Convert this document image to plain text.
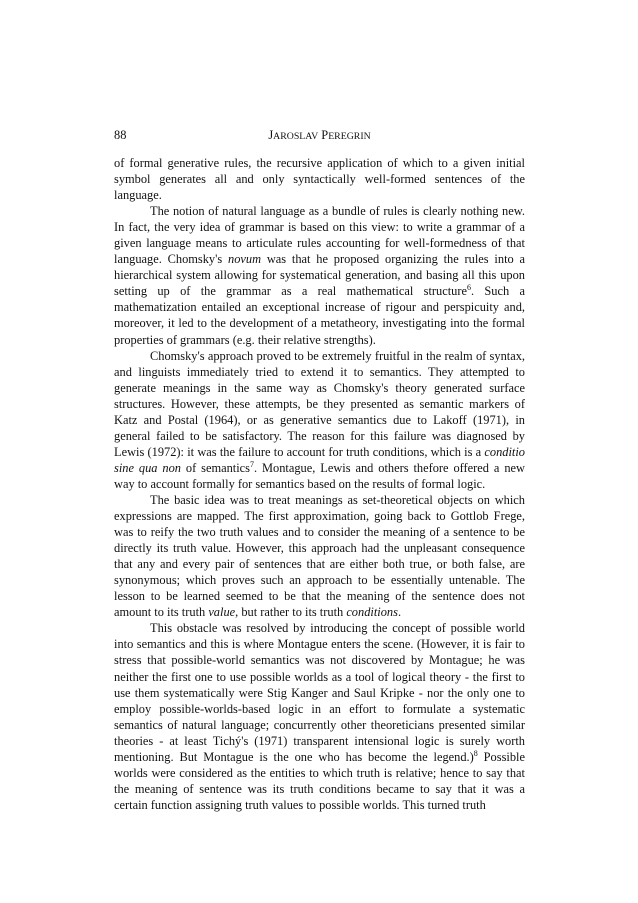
88	JAROSLAV PEREGRIN

of formal generative rules, the recursive application of which to a given initial symbol generates all and only syntactically well-formed sentences of the language.

The notion of natural language as a bundle of rules is clearly nothing new. In fact, the very idea of grammar is based on this view: to write a grammar of a given language means to articulate rules accounting for well-formedness of that language. Chomsky's novum was that he proposed organizing the rules into a hierarchical system allowing for systematical generation, and basing all this upon setting up of the grammar as a real mathematical structure$^6$. Such a mathematization entailed an exceptional increase of rigour and perspicuity and, moreover, it led to the development of a metatheory, investigating into the formal properties of grammars (e.g. their relative strengths).

Chomsky's approach proved to be extremely fruitful in the realm of syntax, and linguists immediately tried to extend it to semantics. They attempted to generate meanings in the same way as Chomsky's theory generated surface structures. However, these attempts, be they presented as semantic markers of Katz and Postal (1964), or as generative semantics due to Lakoff (1971), in general failed to be satisfactory. The reason for this failure was diagnosed by Lewis (1972): it was the failure to account for truth conditions, which is a conditio sine qua non of semantics$^7$. Montague, Lewis and others thefore offered a new way to account formally for semantics based on the results of formal logic.

The basic idea was to treat meanings as set-theoretical objects on which expressions are mapped. The first approximation, going back to Gottlob Frege, was to reify the two truth values and to consider the meaning of a sentence to be directly its truth value. However, this approach had the unpleasant consequence that any and every pair of sentences that are either both true, or both false, are synonymous; which proves such an approach to be essentially untenable. The lesson to be learned seemed to be that the meaning of the sentence does not amount to its truth value, but rather to its truth conditions.

This obstacle was resolved by introducing the concept of possible world into semantics and this is where Montague enters the scene. (However, it is fair to stress that possible-world semantics was not discovered by Montague; he was neither the first one to use possible worlds as a tool of logical theory - the first to use them systematically were Stig Kanger and Saul Kripke - nor the only one to employ possible-worlds-based logic in an effort to formulate a systematic semantics of natural language; concurrently other theoreticians presented similar theories - at least Tichý's (1971) transparent intensional logic is surely worth mentioning. But Montague is the one who has become the legend.)$^8$ Possible worlds were considered as the entities to which truth is relative; hence to say that the meaning of sentence was its truth conditions became to say that it was a certain function assigning truth values to possible worlds. This turned truth
